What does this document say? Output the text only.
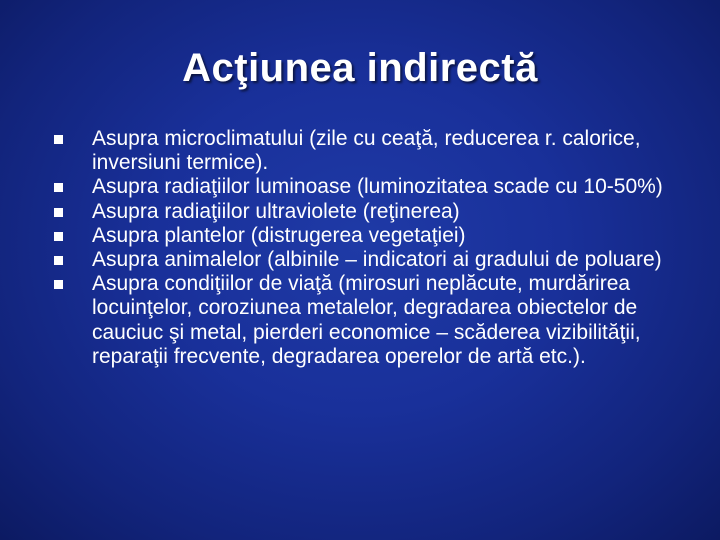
Acţiunea indirectă
Asupra microclimatului (zile cu ceaţă, reducerea r. calorice, inversiuni termice).
Asupra radiaţiilor luminoase (luminozitatea scade cu 10-50%)
Asupra radiaţiilor ultraviolete (reţinerea)
Asupra plantelor (distrugerea vegetaţiei)
Asupra animalelor (albinile – indicatori ai gradului de poluare)
Asupra condiţiilor de viaţă (mirosuri neplăcute, murdărirea locuinţelor, coroziunea metalelor, degradarea obiectelor de cauciuc şi metal, pierderi economice – scăderea vizibilităţii, reparaţii frecvente, degradarea operelor de artă etc.).
